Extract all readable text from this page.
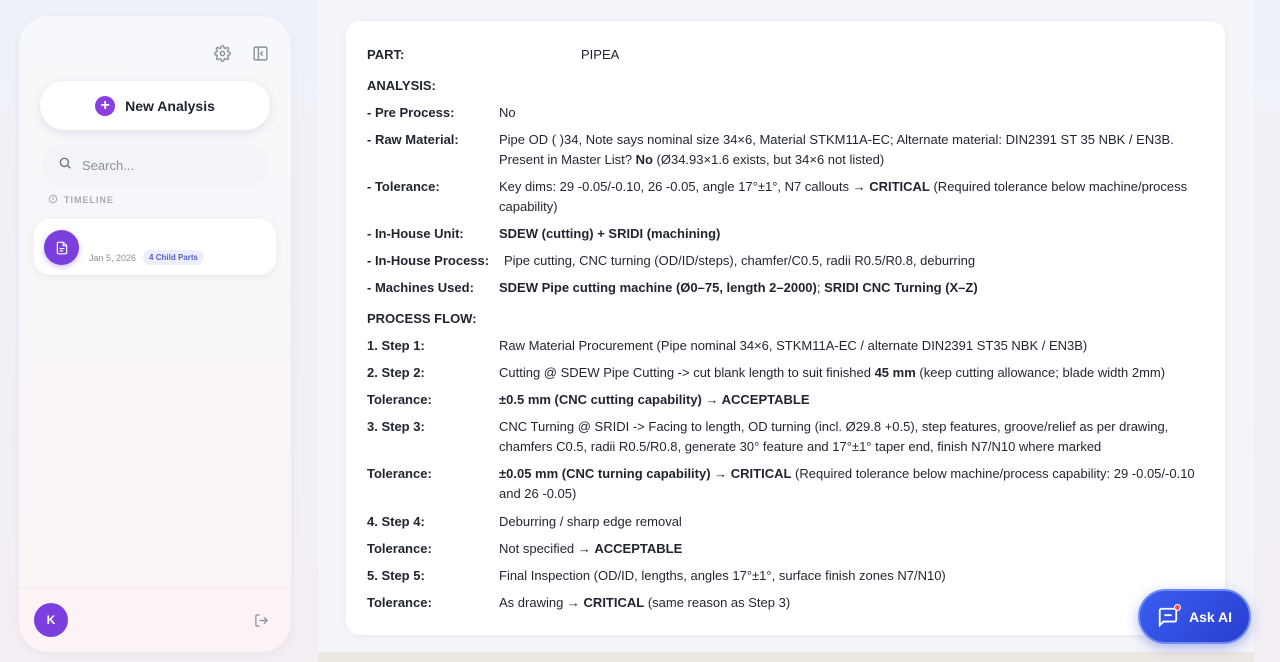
+	New Analysis
Search...
TIMELINE
Jan 5, 2026	4 Child Parts
K
PART:	PIPEA
ANALYSIS:
- Pre Process:	No
- Raw Material:	Pipe OD ( )34, Note says nominal size 34×6, Material STKM11A-EC; Alternate material: DIN2391 ST 35 NBK / EN3B. Present in Master List? No (Ø34.93×1.6 exists, but 34×6 not listed)
- Tolerance:	Key dims: 29 -0.05/-0.10, 26 -0.05, angle 17°±1°, N7 callouts → CRITICAL (Required tolerance below machine/process capability)
- In-House Unit:	SDEW (cutting) + SRIDI (machining)
- In-House Process: Pipe cutting, CNC turning (OD/ID/steps), chamfer/C0.5, radii R0.5/R0.8, deburring
- Machines Used: SDEW Pipe cutting machine (Ø0–75, length 2–2000); SRIDI CNC Turning (X–Z)
PROCESS FLOW:
1. Step 1:	Raw Material Procurement (Pipe nominal 34×6, STKM11A-EC / alternate DIN2391 ST35 NBK / EN3B)
2. Step 2:	Cutting @ SDEW Pipe Cutting -> cut blank length to suit finished 45 mm (keep cutting allowance; blade width 2mm)
Tolerance:	±0.5 mm (CNC cutting capability) → ACCEPTABLE
3. Step 3:	CNC Turning @ SRIDI -> Facing to length, OD turning (incl. Ø29.8 +0.5), step features, groove/relief as per drawing, chamfers C0.5, radii R0.5/R0.8, generate 30° feature and 17°±1° taper end, finish N7/N10 where marked
Tolerance:	±0.05 mm (CNC turning capability) → CRITICAL (Required tolerance below machine/process capability: 29 -0.05/-0.10 and 26 -0.05)
4. Step 4:	Deburring / sharp edge removal
Tolerance:	Not specified → ACCEPTABLE
5. Step 5:	Final Inspection (OD/ID, lengths, angles 17°±1°, surface finish zones N7/N10)
Tolerance:	As drawing → CRITICAL (same reason as Step 3)
Ask AI
